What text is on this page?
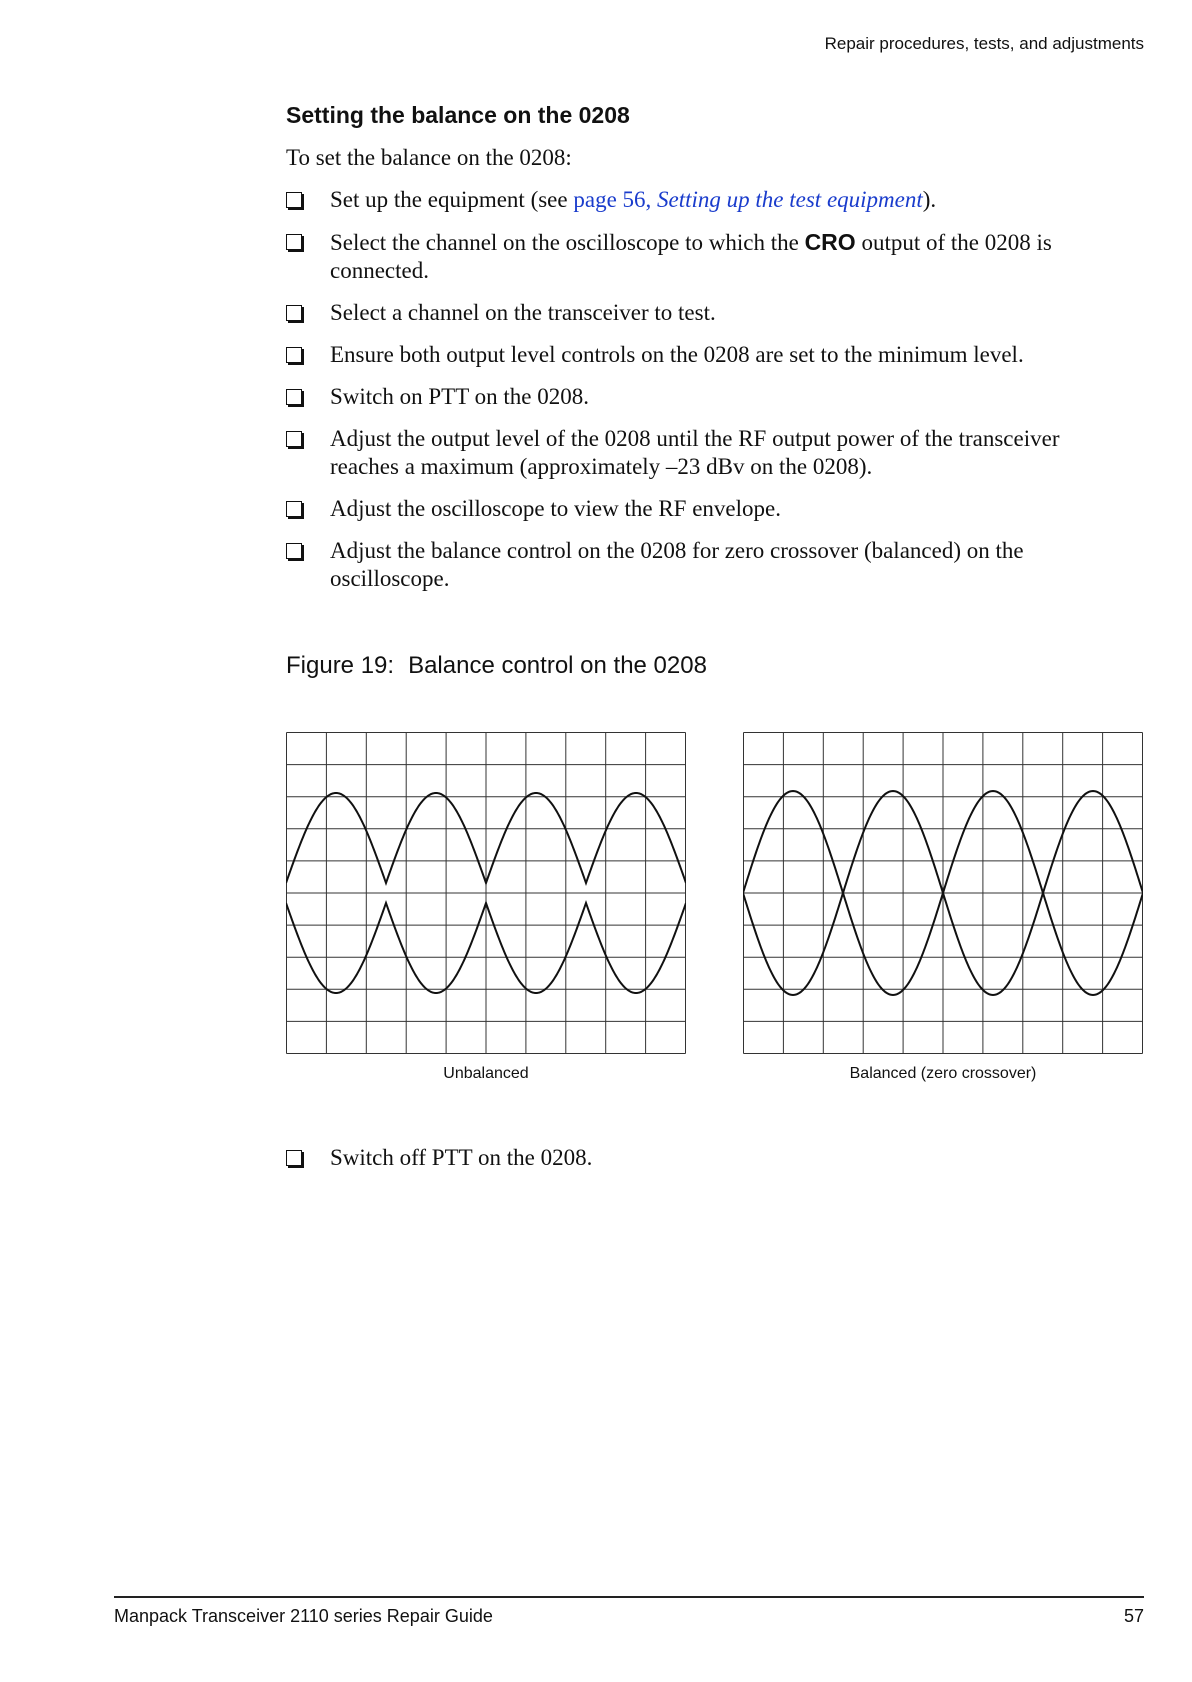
Repair procedures, tests, and adjustments
Setting the balance on the 0208

To set the balance on the 0208:

Set up the equipment (see page 56, Setting up the test equipment).
Select the channel on the oscilloscope to which the CRO output of the 0208 is connected.
Select a channel on the transceiver to test.
Ensure both output level controls on the 0208 are set to the minimum level.
Switch on PTT on the 0208.
Adjust the output level of the 0208 until the RF output power of the transceiver reaches a maximum (approximately –23 dBv on the 0208).
Adjust the oscilloscope to view the RF envelope.
Adjust the balance control on the 0208 for zero crossover (balanced) on the oscilloscope.

Figure 19: Balance control on the 0208

Unbalanced	Balanced (zero crossover)
Switch off PTT on the 0208.
Manpack Transceiver 2110 series Repair Guide	57
